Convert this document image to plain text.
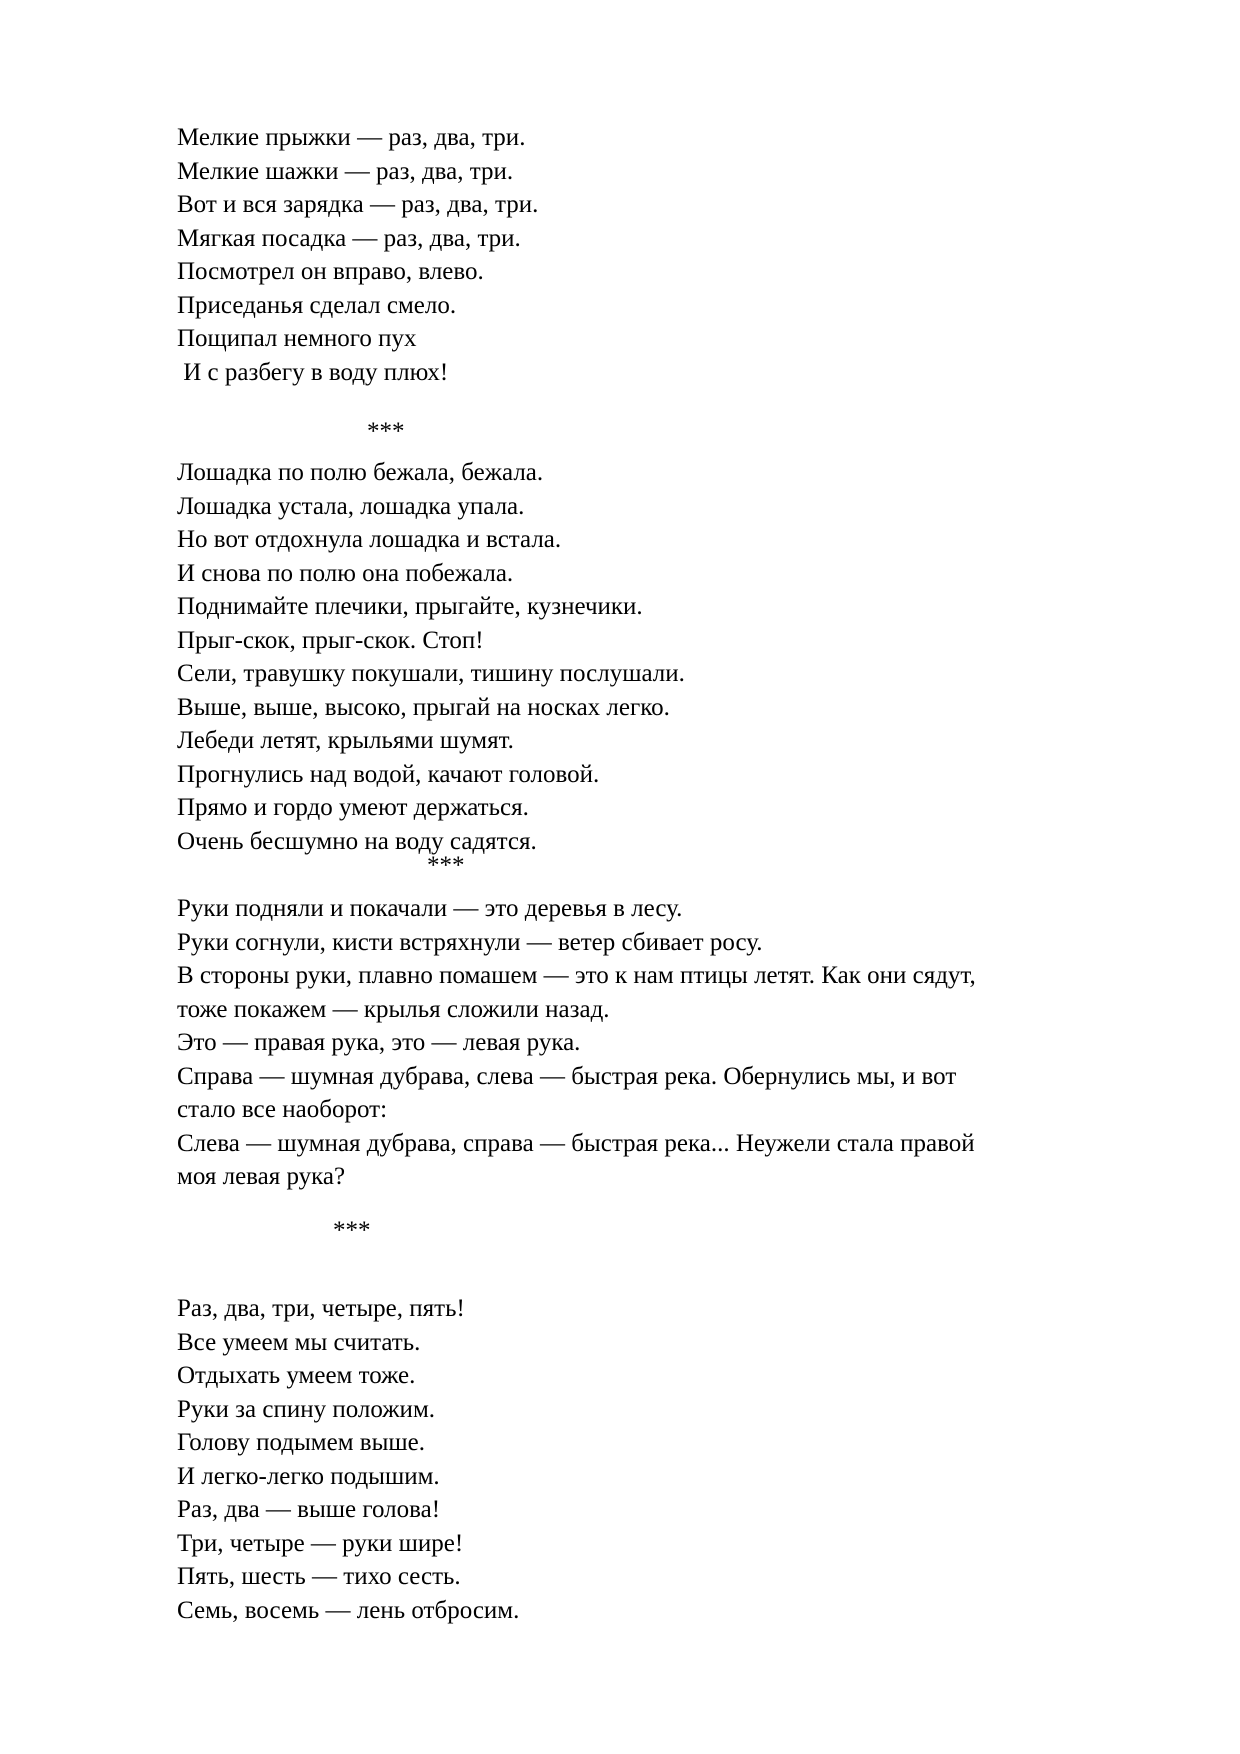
Мелкие прыжки — раз, два, три.
Мелкие шажки — раз, два, три.
Вот и вся зарядка — раз, два, три.
Мягкая посадка — раз, два, три.
Посмотрел он вправо, влево.
Приседанья сделал смело.
Пощипал немного пух
И с разбегу в воду плюх!
***
Лошадка по полю бежала, бежала.
Лошадка устала, лошадка упала.
Но вот отдохнула лошадка и встала.
И снова по полю она побежала.
Поднимайте плечики, прыгайте, кузнечики.
Прыг-скок, прыг-скок. Стоп!
Сели, травушку покушали, тишину послушали.
Выше, выше, высоко, прыгай на носках легко.
Лебеди летят, крыльями шумят.
Прогнулись над водой, качают головой.
Прямо и гордо умеют держаться.
Очень бесшумно на воду садятся.
***
Руки подняли и покачали — это деревья в лесу.
Руки согнули, кисти встряхнули — ветер сбивает росу.
В стороны руки, плавно помашем — это к нам птицы летят. Как они сядут,
тоже покажем — крылья сложили назад.
Это — правая рука, это — левая рука.
Справа — шумная дубрава, слева — быстрая река. Обернулись мы, и вот
стало все наоборот:
Слева — шумная дубрава, справа — быстрая река... Неужели стала правой
моя левая рука?
***
Раз, два, три, четыре, пять!
Все умеем мы считать.
Отдыхать умеем тоже.
Руки за спину положим.
Голову подымем выше.
И легко-легко подышим.
Раз, два — выше голова!
Три, четыре — руки шире!
Пять, шесть — тихо сесть.
Семь, восемь — лень отбросим.
